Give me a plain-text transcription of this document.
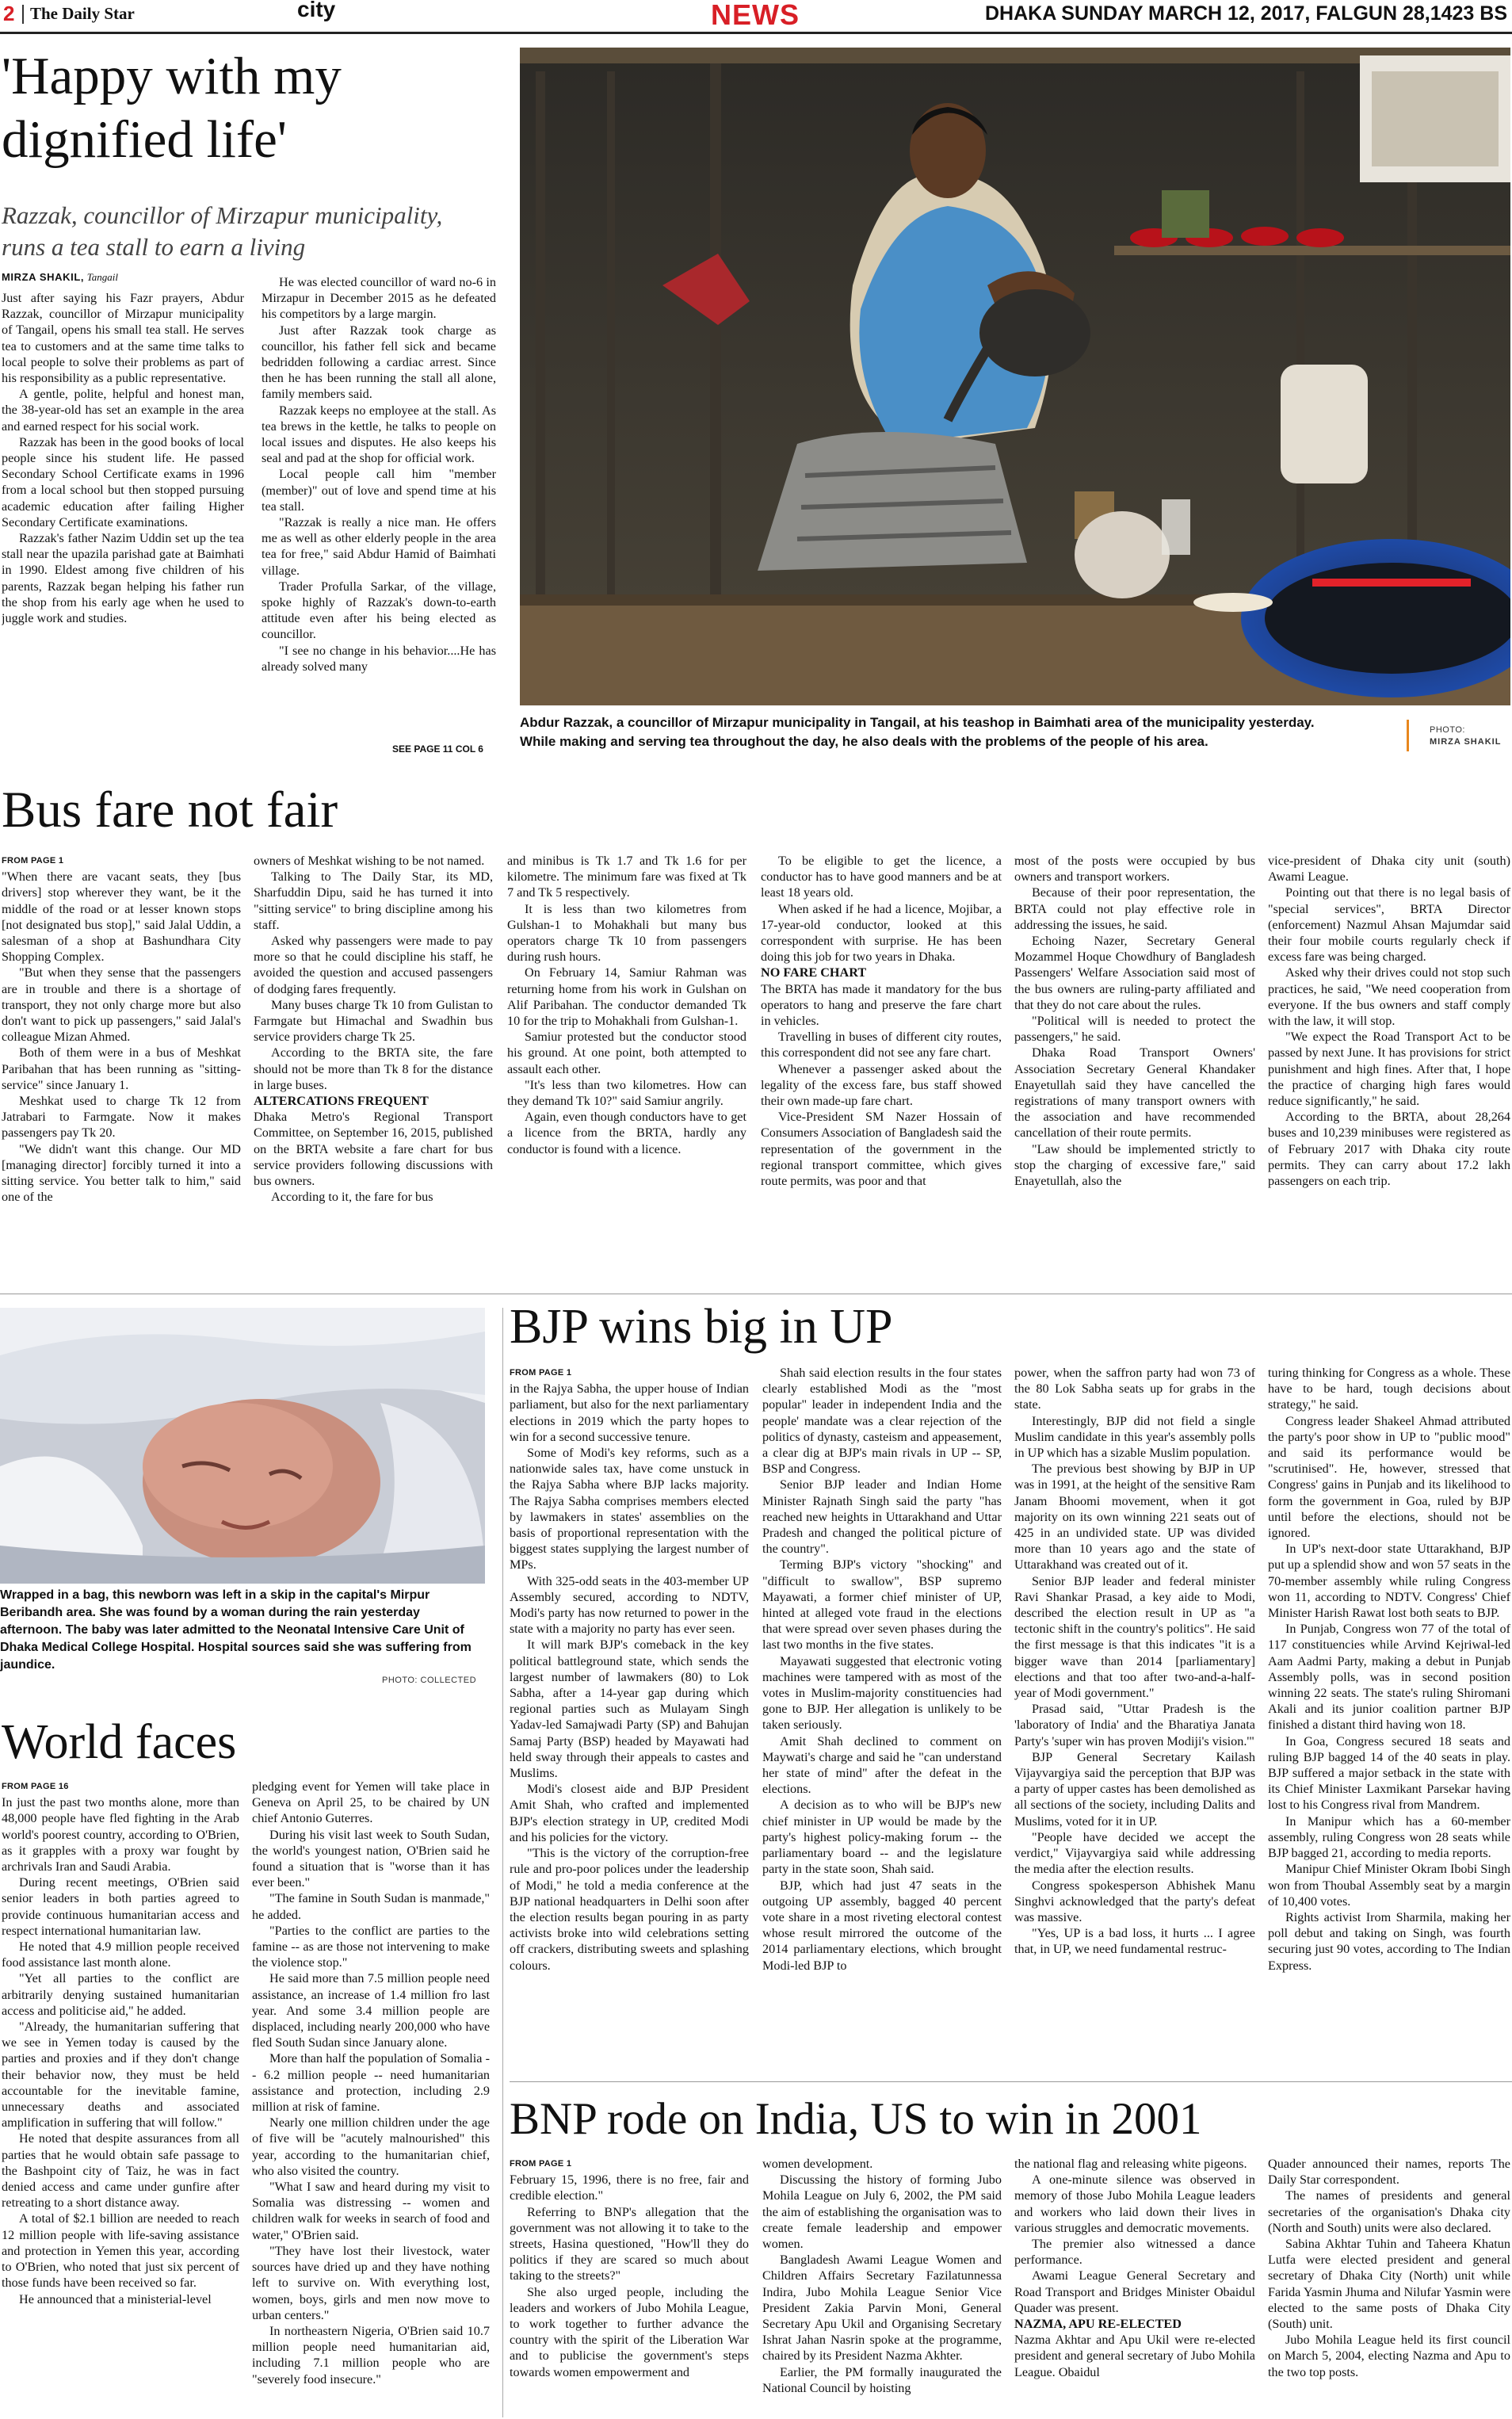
2 The Daily Star	city	NEWS	DHAKA SUNDAY MARCH 12, 2017, FALGUN 28,1423 BS
'Happy with my
dignified life'
Razzak, councillor of Mirzapur municipality,
runs a tea stall to earn a living
MIRZA SHAKIL, Tangail

Just after saying his Fazr prayers, Abdur Razzak, councillor of Mirzapur municipality of Tangail, opens his small tea stall. He serves tea to customers and at the same time talks to local people to solve their problems as part of his responsibility as a public representative.

A gentle, polite, helpful and honest man, the 38-year-old has set an example in the area and earned respect for his social work.

Razzak has been in the good books of local people since his student life. He passed Secondary School Certificate exams in 1996 from a local school but then stopped pursuing academic education after failing Higher Secondary Certificate examinations.

Razzak's father Nazim Uddin set up the tea stall near the upazila parishad gate at Baimhati in 1990. Eldest among five children of his parents, Razzak began helping his father run the shop from his early age when he used to juggle work and studies.

He was elected councillor of ward no-6 in Mirzapur in December 2015 as he defeated his competitors by a large margin.

Just after Razzak took charge as councillor, his father fell sick and became bedridden following a cardiac arrest. Since then he has been running the stall all alone, family members said.

Razzak keeps no employee at the stall. As tea brews in the kettle, he talks to people on local issues and disputes. He also keeps his seal and pad at the shop for official work.

Local people call him "member (member)" out of love and spend time at his tea stall.

"Razzak is really a nice man. He offers me as well as other elderly people in the area tea for free," said Abdur Hamid of Baimhati village.

Trader Profulla Sarkar, of the village, spoke highly of Razzak's down-to-earth attitude even after his being elected as councillor.

"I see no change in his behavior....He has already solved many

SEE PAGE 11 COL 6
Abdur Razzak, a councillor of Mirzapur municipality in Tangail, at his teashop in Baimhati area of the municipality yesterday.
While making and serving tea throughout the day, he also deals with the problems of the people of his area.
PHOTO:
MIRZA SHAKIL
Bus fare not fair
FROM PAGE 1

"When there are vacant seats, they [bus drivers] stop wherever they want, be it the middle of the road or at lesser known stops [not designated bus stop]," said Jalal Uddin, a salesman of a shop at Bashundhara City Shopping Complex.

"But when they sense that the passengers are in trouble and there is a shortage of transport, they not only charge more but also don't want to pick up passengers," said Jalal's colleague Mizan Ahmed.

Both of them were in a bus of Meshkat Paribahan that has been running as "sitting-service" since January 1.

Meshkat used to charge Tk 12 from Jatrabari to Farmgate. Now it makes passengers pay Tk 20.

"We didn't want this change. Our MD [managing director] forcibly turned it into a sitting service. You better talk to him," said one of the

owners of Meshkat wishing to be not named.

Talking to The Daily Star, its MD, Sharfuddin Dipu, said he has turned it into "sitting service" to bring discipline among his staff.

Asked why passengers were made to pay more so that he could discipline his staff, he avoided the question and accused passengers of dodging fares frequently.

Many buses charge Tk 10 from Gulistan to Farmgate but Himachal and Swadhin bus service providers charge Tk 25.

According to the BRTA site, the fare should not be more than Tk 8 for the distance in large buses.

ALTERCATIONS FREQUENT

Dhaka Metro's Regional Transport Committee, on September 16, 2015, published on the BRTA website a fare chart for bus service providers following discussions with bus owners.

According to it, the fare for bus

and minibus is Tk 1.7 and Tk 1.6 for per kilometre. The minimum fare was fixed at Tk 7 and Tk 5 respectively.

It is less than two kilometres from Gulshan-1 to Mohakhali but many bus operators charge Tk 10 from passengers during rush hours.

On February 14, Samiur Rahman was returning home from his work in Gulshan on Alif Paribahan. The conductor demanded Tk 10 for the trip to Mohakhali from Gulshan-1.

Samiur protested but the conductor stood his ground. At one point, both attempted to assault each other.

"It's less than two kilometres. How can they demand Tk 10?" said Samiur angrily.

Again, even though conductors have to get a licence from the BRTA, hardly any conductor is found with a licence.

To be eligible to get the licence, a conductor has to have good manners and be at least 18 years old.

When asked if he had a licence, Mojibar, a 17-year-old conductor, looked at this correspondent with surprise. He has been doing this job for two years in Dhaka.

NO FARE CHART

The BRTA has made it mandatory for the bus operators to hang and preserve the fare chart in vehicles.

Travelling in buses of different city routes, this correspondent did not see any fare chart.

Whenever a passenger asked about the legality of the excess fare, bus staff showed their own made-up fare chart.

Vice-President SM Nazer Hossain of Consumers Association of Bangladesh said the representation of the government in the regional transport committee, which gives route permits, was poor and that

most of the posts were occupied by bus owners and transport workers.

Because of their poor representation, the BRTA could not play effective role in addressing the issues, he said.

Echoing Nazer, Secretary General Mozammel Hoque Chowdhury of Bangladesh Passengers' Welfare Association said most of the bus owners are ruling-party affiliated and that they do not care about the rules.

"Political will is needed to protect the passengers," he said.

Dhaka Road Transport Owners' Association Secretary General Khandaker Enayetullah said they have cancelled the registrations of many transport owners with the association and have recommended cancellation of their route permits.

"Law should be implemented strictly to stop the charging of excessive fare," said Enayetullah, also the

vice-president of Dhaka city unit (south) Awami League.

Pointing out that there is no legal basis of "special services", BRTA Director (enforcement) Nazmul Ahsan Majumdar said their four mobile courts regularly check if excess fare was being charged.

Asked why their drives could not stop such practices, he said, "We need cooperation from everyone. If the bus owners and staff comply with the law, it will stop.

"We expect the Road Transport Act to be passed by next June. It has provisions for strict punishment and high fines. After that, I hope the practice of charging high fares would reduce significantly," he said.

According to the BRTA, about 28,264 buses and 10,239 minibuses were registered as of February 2017 with Dhaka city route permits. They can carry about 17.2 lakh passengers on each trip.

Wrapped in a bag, this newborn was left in a skip in the capital's Mirpur Beribandh area. She was found by a woman during the rain yesterday afternoon. The baby was later admitted to the Neonatal Intensive Care Unit of Dhaka Medical College Hospital. Hospital sources said she was suffering from jaundice.
PHOTO: COLLECTED
World faces
FROM PAGE 16

In just the past two months alone, more than 48,000 people have fled fighting in the Arab world's poorest country, according to O'Brien, as it grapples with a proxy war fought by archrivals Iran and Saudi Arabia.

During recent meetings, O'Brien said senior leaders in both parties agreed to provide continuous humanitarian access and respect international humanitarian law.

He noted that 4.9 million people received food assistance last month alone.

"Yet all parties to the conflict are arbitrarily denying sustained humanitarian access and politicise aid," he added.

"Already, the humanitarian suffering that we see in Yemen today is caused by the parties and proxies and if they don't change their behavior now, they must be held accountable for the inevitable famine, unnecessary deaths and associated amplification in suffering that will follow."

He noted that despite assurances from all parties that he would obtain safe passage to the Bashpoint city of Taiz, he was in fact denied access and came under gunfire after retreating to a short distance away.

A total of $2.1 billion are needed to reach 12 million people with life-saving assistance and protection in Yemen this year, according to O'Brien, who noted that just six percent of those funds have been received so far.

He announced that a ministerial-level

pledging event for Yemen will take place in Geneva on April 25, to be chaired by UN chief Antonio Guterres.

During his visit last week to South Sudan, the world's youngest nation, O'Brien said he found a situation that is "worse than it has ever been."

"The famine in South Sudan is manmade," he added.

"Parties to the conflict are parties to the famine -- as are those not intervening to make the violence stop."

He said more than 7.5 million people need assistance, an increase of 1.4 million fro last year. And some 3.4 million people are displaced, including nearly 200,000 who have fled South Sudan since January alone.

More than half the population of Somalia -- 6.2 million people -- need humanitarian assistance and protection, including 2.9 million at risk of famine.

Nearly one million children under the age of five will be "acutely malnourished" this year, according to the humanitarian chief, who also visited the country.

"What I saw and heard during my visit to Somalia was distressing -- women and children walk for weeks in search of food and water," O'Brien said.

"They have lost their livestock, water sources have dried up and they have nothing left to survive on. With everything lost, women, boys, girls and men now move to urban centers."

In northeastern Nigeria, O'Brien said 10.7 million people need humanitarian aid, including 7.1 million people who are "severely food insecure."

BJP wins big in UP
FROM PAGE 1

in the Rajya Sabha, the upper house of Indian parliament, but also for the next parliamentary elections in 2019 which the party hopes to win for a second successive tenure.

Some of Modi's key reforms, such as a nationwide sales tax, have come unstuck in the Rajya Sabha where BJP lacks majority. The Rajya Sabha comprises members elected by lawmakers in states' assemblies on the basis of proportional representation with the biggest states supplying the largest number of MPs.

With 325-odd seats in the 403-member UP Assembly secured, according to NDTV, Modi's party has now returned to power in the state with a majority no party has ever seen.

It will mark BJP's comeback in the key political battleground state, which sends the largest number of lawmakers (80) to Lok Sabha, after a 14-year gap during which regional parties such as Mulayam Singh Yadav-led Samajwadi Party (SP) and Bahujan Samaj Party (BSP) headed by Mayawati had held sway through their appeals to castes and Muslims.

Modi's closest aide and BJP President Amit Shah, who crafted and implemented BJP's election strategy in UP, credited Modi and his policies for the victory.

"This is the victory of the corruption-free rule and pro-poor polices under the leadership of Modi," he told a media conference at the BJP national headquarters in Delhi soon after the election results began pouring in as party activists broke into wild celebrations setting off crackers, distributing sweets and splashing colours.

Shah said election results in the four states clearly established Modi as the "most popular" leader in independent India and the people' mandate was a clear rejection of the politics of dynasty, casteism and appeasement, a clear dig at BJP's main rivals in UP -- SP, BSP and Congress.

Senior BJP leader and Indian Home Minister Rajnath Singh said the party "has reached new heights in Uttarakhand and Uttar Pradesh and changed the political picture of the country".

Terming BJP's victory "shocking" and "difficult to swallow", BSP supremo Mayawati, a former chief minister of UP, hinted at alleged vote fraud in the elections that were spread over seven phases during the last two months in the five states.

Mayawati suggested that electronic voting machines were tampered with as most of the votes in Muslim-majority constituencies had gone to BJP. Her allegation is unlikely to be taken seriously.

Amit Shah declined to comment on Maywati's charge and said he "can understand her state of mind" after the defeat in the elections.

A decision as to who will be BJP's new chief minister in UP would be made by the party's highest policy-making forum -- the parliamentary board -- and the legislature party in the state soon, Shah said.

BJP, which had just 47 seats in the outgoing UP assembly, bagged 40 percent vote share in a most riveting electoral contest whose result mirrored the outcome of the 2014 parliamentary elections, which brought Modi-led BJP to

power, when the saffron party had won 73 of the 80 Lok Sabha seats up for grabs in the state.

Interestingly, BJP did not field a single Muslim candidate in this year's assembly polls in UP which has a sizable Muslim population.

The previous best showing by BJP in UP was in 1991, at the height of the sensitive Ram Janam Bhoomi movement, when it got majority on its own winning 221 seats out of 425 in an undivided state. UP was divided more than 10 years ago and the state of Uttarakhand was created out of it.

Senior BJP leader and federal minister Ravi Shankar Prasad, a key aide to Modi, described the election result in UP as "a tectonic shift in the country's politics". He said the first message is that this indicates "it is a bigger wave than 2014 [parliamentary] elections and that too after two-and-a-half-year of Modi government."

Prasad said, "Uttar Pradesh is the 'laboratory of India' and the Bharatiya Janata Party's 'super win has proven Modiji's vision.'"

BJP General Secretary Kailash Vijayvargiya said the perception that BJP was a party of upper castes has been demolished as all sections of the society, including Dalits and Muslims, voted for it in UP.

"People have decided we accept the verdict," Vijayvargiya said while addressing the media after the election results.

Congress spokesperson Abhishek Manu Singhvi acknowledged that the party's defeat was massive.

"Yes, UP is a bad loss, it hurts ... I agree that, in UP, we need fundamental restruc-

turing thinking for Congress as a whole. These have to be hard, tough decisions about strategy," he said.

Congress leader Shakeel Ahmad attributed the party's poor show in UP to "public mood" and said its performance would be "scrutinised". He, however, stressed that Congress' gains in Punjab and its likelihood to form the government in Goa, ruled by BJP until before the elections, should not be ignored.

In UP's next-door state Uttarakhand, BJP put up a splendid show and won 57 seats in the 70-member assembly while ruling Congress won 11, according to NDTV. Congress' Chief Minister Harish Rawat lost both seats to BJP.

In Punjab, Congress won 77 of the total of 117 constituencies while Arvind Kejriwal-led Aam Aadmi Party, making a debut in Punjab Assembly polls, was in second position winning 22 seats. The state's ruling Shiromani Akali and its junior coalition partner BJP finished a distant third having won 18.

In Goa, Congress secured 18 seats and ruling BJP bagged 14 of the 40 seats in play. BJP suffered a major setback in the state with its Chief Minister Laxmikant Parsekar having lost to his Congress rival from Mandrem.

In Manipur which has a 60-member assembly, ruling Congress won 28 seats while BJP bagged 21, according to media reports.

Manipur Chief Minister Okram Ibobi Singh won from Thoubal Assembly seat by a margin of 10,400 votes.

Rights activist Irom Sharmila, making her poll debut and taking on Singh, was fourth securing just 90 votes, according to The Indian Express.

BNP rode on India, US to win in 2001
FROM PAGE 1

February 15, 1996, there is no free, fair and credible election."

Referring to BNP's allegation that the government was not allowing it to take to the streets, Hasina questioned, "How'll they do politics if they are scared so much about taking to the streets?"

She also urged people, including the leaders and workers of Jubo Mohila League, to work together to further advance the country with the spirit of the Liberation War and to publicise the government's steps towards women empowerment and

women development.

Discussing the history of forming Jubo Mohila League on July 6, 2002, the PM said the aim of establishing the organisation was to create female leadership and empower women.

Bangladesh Awami League Women and Children Affairs Secretary Fazilatunnessa Indira, Jubo Mohila League Senior Vice President Zakia Parvin Moni, General Secretary Apu Ukil and Organising Secretary Ishrat Jahan Nasrin spoke at the programme, chaired by its President Nazma Akhter.

Earlier, the PM formally inaugurated the National Council by hoisting

the national flag and releasing white pigeons.

A one-minute silence was observed in memory of those Jubo Mohila League leaders and workers who laid down their lives in various struggles and democratic movements.

The premier also witnessed a dance performance.

Awami League General Secretary and Road Transport and Bridges Minister Obaidul Quader was present.

NAZMA, APU RE-ELECTED

Nazma Akhtar and Apu Ukil were re-elected president and general secretary of Jubo Mohila League. Obaidul

Quader announced their names, reports The Daily Star correspondent.

The names of presidents and general secretaries of the organisation's Dhaka city (North and South) units were also declared.

Sabina Akhtar Tuhin and Taheera Khatun Lutfa were elected president and general secretary of Dhaka City (North) unit while Farida Yasmin Jhuma and Nilufar Yasmin were elected to the same posts of Dhaka City (South) unit.

Jubo Mohila League held its first council on March 5, 2004, electing Nazma and Apu to the two top posts.
